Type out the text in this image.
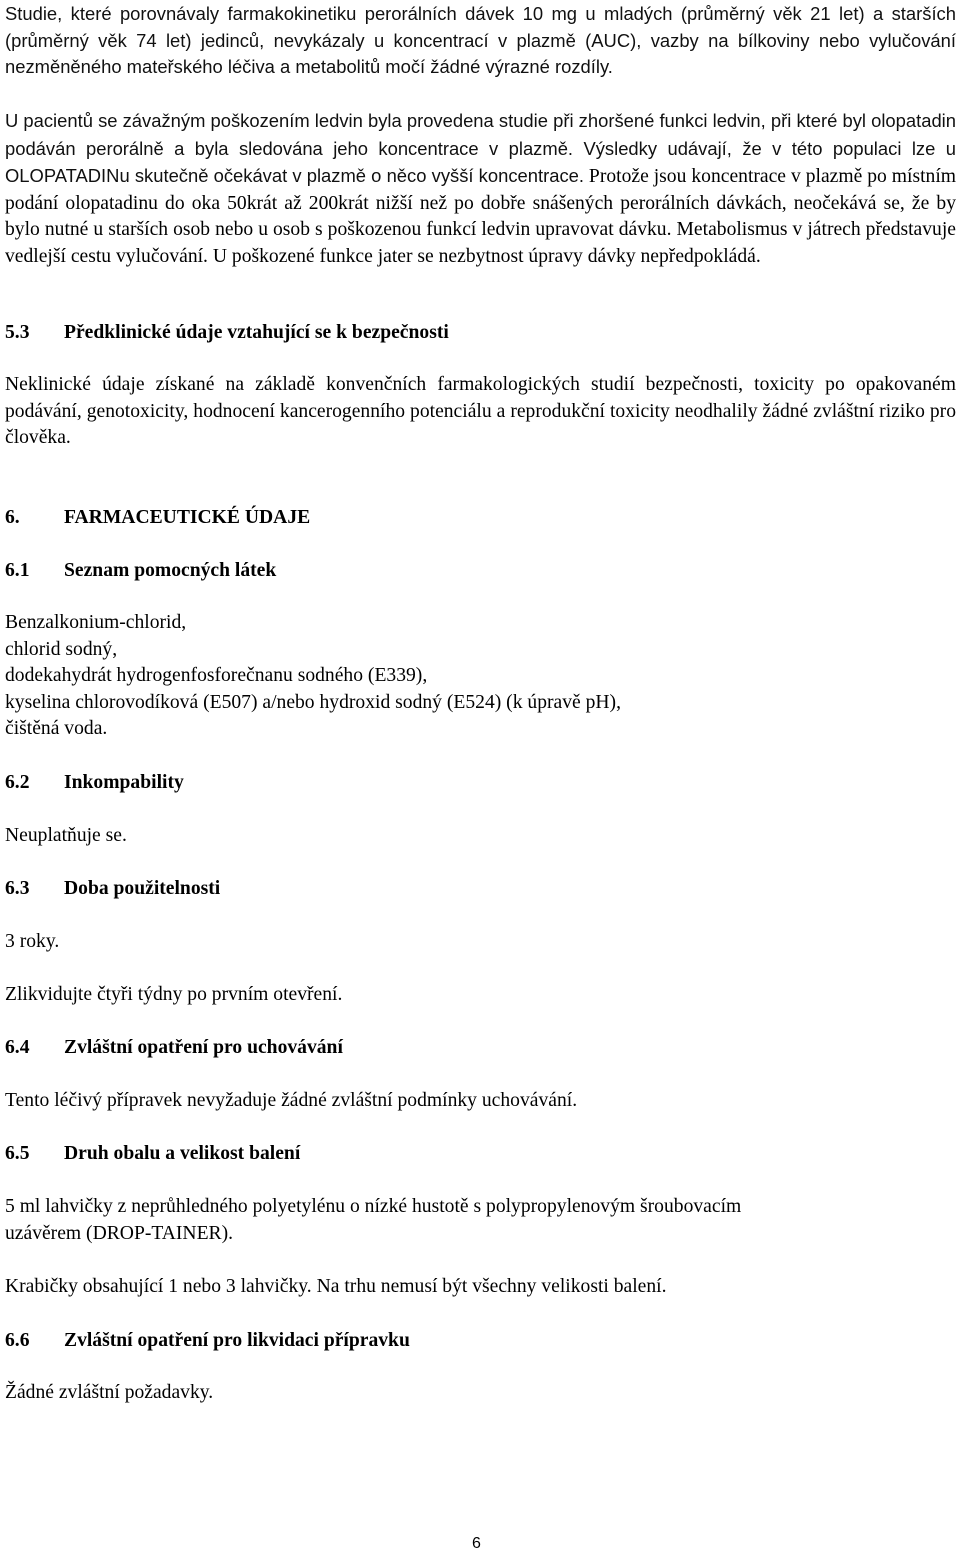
Studie, které porovnávaly farmakokinetiku perorálních dávek 10 mg u mladých (průměrný věk 21 let) a starších (průměrný věk 74 let) jedinců, nevykázaly u koncentrací v plazmě (AUC), vazby na bílkoviny nebo vylučování nezměněného mateřského léčiva a metabolitů močí žádné výrazné rozdíly.

U pacientů se závažným poškozením ledvin byla provedena studie při zhoršené funkci ledvin, při které byl olopatadin podáván perorálně a byla sledována jeho koncentrace v plazmě. Výsledky udávají, že v této populaci lze u OLOPATADINu skutečně očekávat v plazmě o něco vyšší koncentrace. Protože jsou koncentrace v plazmě po místním podání olopatadinu do oka 50krát až 200krát nižší než po dobře snášených perorálních dávkách, neočekává se, že by bylo nutné u starších osob nebo u osob s poškozenou funkcí ledvin upravovat dávku. Metabolismus v játrech představuje vedlejší cestu vylučování. U poškozené funkce jater se nezbytnost úpravy dávky nepředpokládá.

5.3 Předklinické údaje vztahující se k bezpečnosti

Neklinické údaje získané na základě konvenčních farmakologických studií bezpečnosti, toxicity po opakovaném podávání, genotoxicity, hodnocení kancerogenního potenciálu a reprodukční toxicity neodhalily žádné zvláštní riziko pro člověka.

6. FARMACEUTICKÉ ÚDAJE
6.1 Seznam pomocných látek
Benzalkonium-chlorid,
chlorid sodný,
dodekahydrát hydrogenfosforečnanu sodného (E339),
kyselina chlorovodíková (E507) a/nebo hydroxid sodný (E524) (k úpravě pH),
čištěná voda.
6.2 Inkompability

Neuplatňuje se.

6.3 Doba použitelnosti

3 roky.

Zlikvidujte čtyři týdny po prvním otevření.

6.4 Zvláštní opatření pro uchovávání

Tento léčivý přípravek nevyžaduje žádné zvláštní podmínky uchovávání.

6.5 Druh obalu a velikost balení
5 ml lahvičky z neprůhledného polyetylénu o nízké hustotě s polypropylenovým šroubovacím
uzávěrem (DROP-TAINER).

Krabičky obsahující 1 nebo 3 lahvičky. Na trhu nemusí být všechny velikosti balení.

6.6 Zvláštní opatření pro likvidaci přípravku

Žádné zvláštní požadavky.

6
